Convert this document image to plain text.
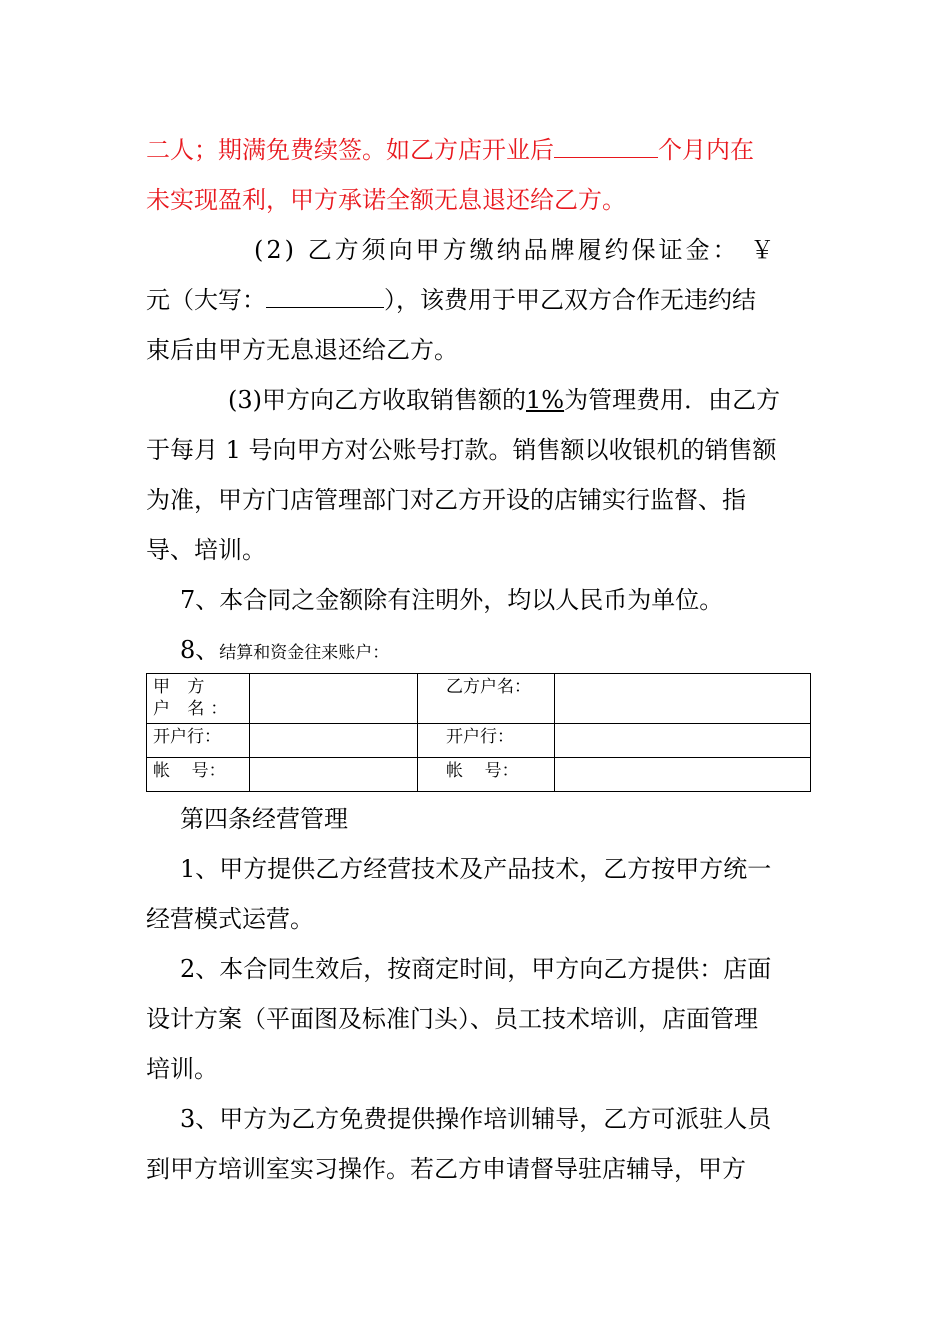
二人；期满免费续签。如乙方店开业后	个月内在
未实现盈利，甲方承诺全额无息退还给乙方。
(2) 乙方须向甲方缴纳品牌履约保证金： ￥
元（大写：	），该费用于甲乙双方合作无违约结
束后由甲方无息退还给乙方。
(3)甲方向乙方收取销售额的1%为管理费用．由乙方
于每月 1 号向甲方对公账号打款。销售额以收银机的销售额
为准，甲方门店管理部门对乙方开设的店铺实行监督、指
导、培训。
7、本合同之金额除有注明外，均以人民币为单位。
8、结算和资金往来账户：
甲 方 户 名：		乙方户名：	
开户行：		开户行：	
帐    号：		帐    号：	
第四条经营管理
1、甲方提供乙方经营技术及产品技术，乙方按甲方统一
经营模式运营。
2、本合同生效后，按商定时间，甲方向乙方提供：店面
设计方案（平面图及标准门头）、员工技术培训，店面管理
培训。
3、甲方为乙方免费提供操作培训辅导，乙方可派驻人员
到甲方培训室实习操作。若乙方申请督导驻店辅导，甲方
